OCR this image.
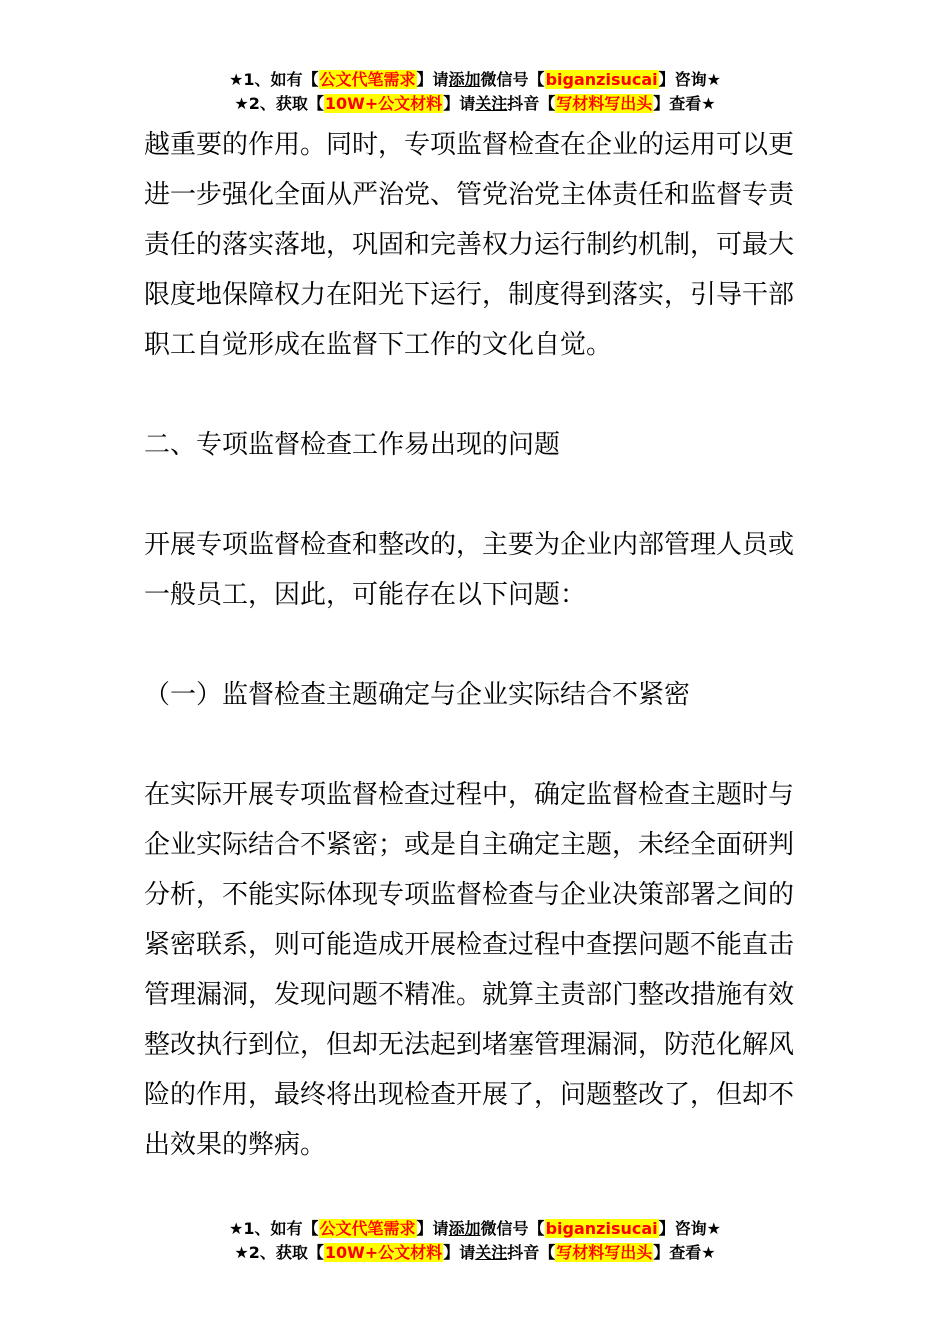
★1、如有【公文代笔需求】请添加微信号【biganzisucai】咨询★
★2、获取【10W+公文材料】请关注抖音【写材料写出头】查看★

越重要的作用。同时，专项监督检查在企业的运用可以更

进一步强化全面从严治党、管党治党主体责任和监督专责

责任的落实落地，巩固和完善权力运行制约机制，可最大

限度地保障权力在阳光下运行，制度得到落实，引导干部

职工自觉形成在监督下工作的文化自觉。

二、专项监督检查工作易出现的问题

开展专项监督检查和整改的，主要为企业内部管理人员或

一般员工，因此，可能存在以下问题：

（一）监督检查主题确定与企业实际结合不紧密

在实际开展专项监督检查过程中，确定监督检查主题时与

企业实际结合不紧密；或是自主确定主题，未经全面研判

分析，不能实际体现专项监督检查与企业决策部署之间的

紧密联系，则可能造成开展检查过程中查摆问题不能直击

管理漏洞，发现问题不精准。就算主责部门整改措施有效

整改执行到位，但却无法起到堵塞管理漏洞，防范化解风

险的作用，最终将出现检查开展了，问题整改了，但却不

出效果的弊病。

★1、如有【公文代笔需求】请添加微信号【biganzisucai】咨询★
★2、获取【10W+公文材料】请关注抖音【写材料写出头】查看★
